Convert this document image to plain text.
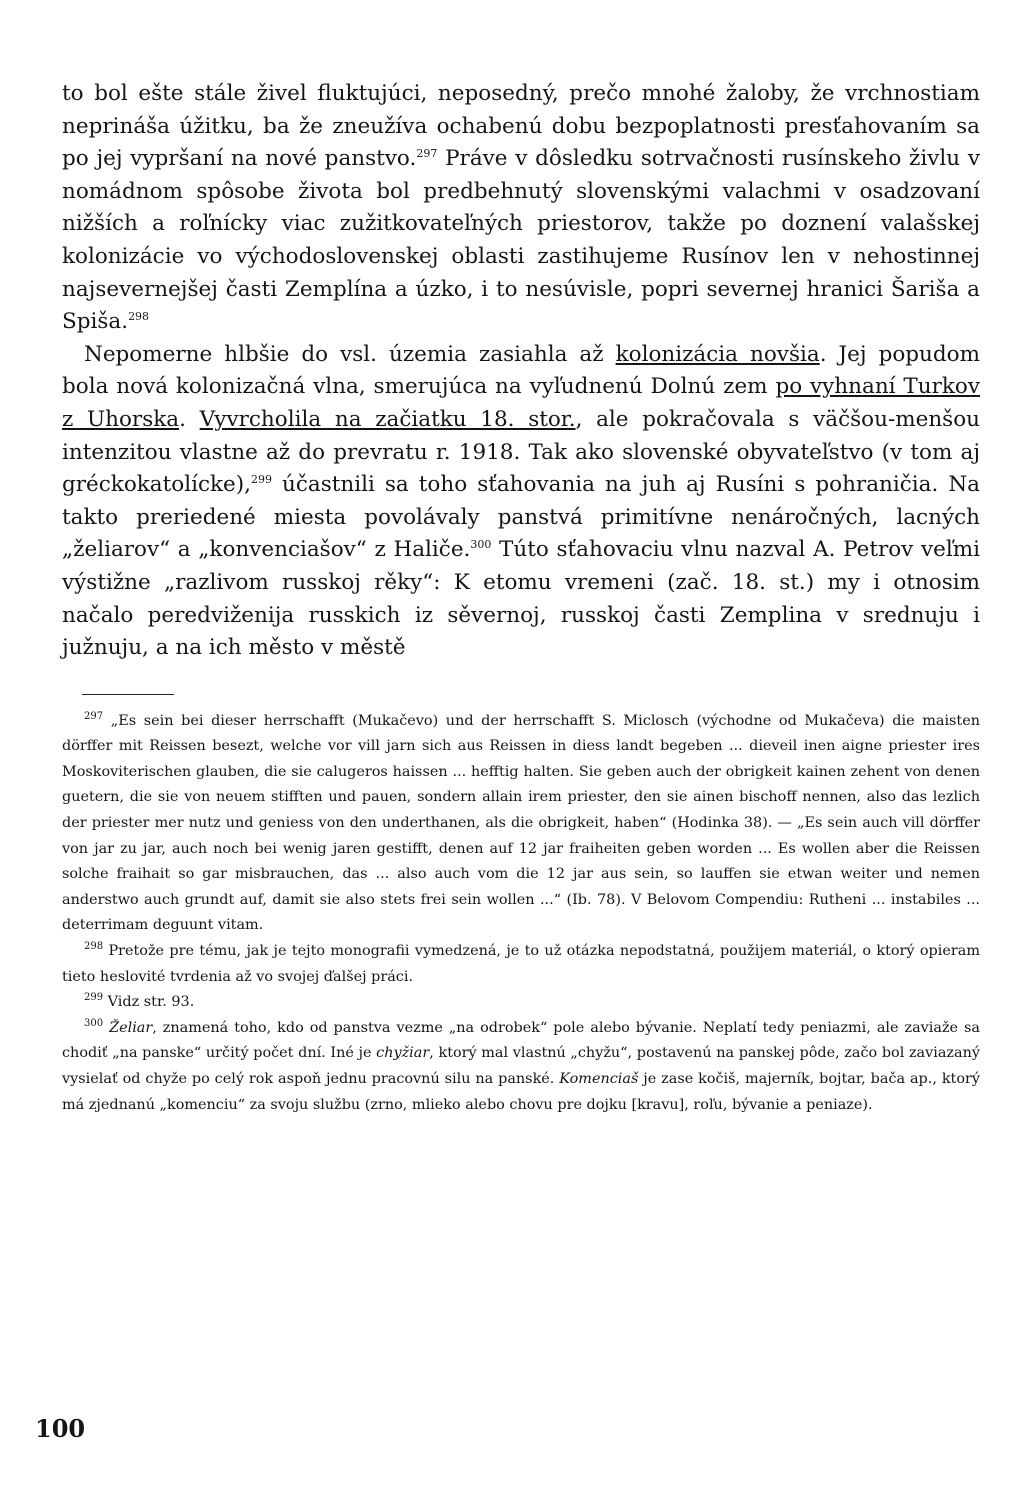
to bol ešte stále živel fluktujúci, neposedný, prečo mnohé žaloby, že vrchnostiam neprináša úžitku, ba že zneužíva ochabenú dobu bezpoplatnosti presťahovaním sa po jej vypršaní na nové panstvo.$^{297}$ Práve v dôsledku sotrvačnosti rusínskeho živlu v nomádnom spôsobe života bol predbehnutý slovenskými valachmi v osadzovaní nižších a roľnícky viac zužitkovateľných priestorov, takže po doznení valašskej kolonizácie vo východoslovenskej oblasti zastihujeme Rusínov len v nehostinnej najsevernejšej časti Zemplína a úzko, i to nesúvisle, popri severnej hranici Šariša a Spiša.$^{298}$

Nepomerne hlbšie do vsl. územia zasiahla až kolonizácia novšia. Jej popudom bola nová kolonizačná vlna, smerujúca na vyľudnenú Dolnú zem po vyhnaní Turkov z Uhorska. Vyvrcholila na začiatku 18. stor., ale pokračovala s väčšou-menšou intenzitou vlastne až do prevratu r. 1918. Tak ako slovenské obyvateľstvo (v tom aj gréckokatolícke),$^{299}$ účastnili sa toho sťahovania na juh aj Rusíni s pohraničia. Na takto preriedené miesta povolávaly panstvá primitívne nenáročných, lacných „želiarov“ a „konvenciašov“ z Haliče.$^{300}$ Túto sťahovaciu vlnu nazval A. Petrov veľmi výstižne „razlivom russkoj rěky“: K etomu vremeni (zač. 18. st.) my i otnosim načalo peredviženija russkich iz sěvernoj, russkoj časti Zemplina v srednuju i južnuju, a na ich město v městě

$^{297}$ „Es sein bei dieser herrschafft (Mukačevo) und der herrschafft S. Miclosch (východne od Mukačeva) die maisten dörffer mit Reissen besezt, welche vor vill jarn sich aus Reissen in diess landt begeben ... dieveil inen aigne priester ires Moskoviterischen glauben, die sie calugeros haissen ... hefftig halten. Sie geben auch der obrigkeit kainen zehent von denen guetern, die sie von neuem stifften und pauen, sondern allain irem priester, den sie ainen bischoff nennen, also das lezlich der priester mer nutz und geniess von den underthanen, als die obrigkeit, haben“ (Hodinka 38). — „Es sein auch vill dörffer von jar zu jar, auch noch bei wenig jaren gestifft, denen auf 12 jar fraiheiten geben worden ... Es wollen aber die Reissen solche fraihait so gar misbrauchen, das ... also auch vom die 12 jar aus sein, so lauffen sie etwan weiter und nemen anderstwo auch grundt auf, damit sie also stets frei sein wollen ...“ (Ib. 78). V Belovom Compendiu: Rutheni ... instabiles ... deterrimam deguunt vitam.

$^{298}$ Pretože pre tému, jak je tejto monografii vymedzená, je to už otázka nepodstatná, použijem materiál, o ktorý opieram tieto heslovité tvrdenia až vo svojej ďalšej práci.

$^{299}$ Vidz str. 93.

$^{300}$ Želiar, znamená toho, kdo od panstva vezme „na odrobek“ pole alebo bývanie. Neplatí tedy peniazmi, ale zaviaže sa chodiť „na panske“ určitý počet dní. Iné je chyžiar, ktorý mal vlastnú „chyžu“, postavenú na panskej pôde, začo bol zaviazaný vysielať od chyže po celý rok aspoň jednu pracovnú silu na panské. Komenciaš je zase kočiš, majerník, bojtar, bača ap., ktorý má zjednanú „komenciu“ za svoju službu (zrno, mlieko alebo chovu pre dojku [kravu], roľu, bývanie a peniaze).

100
